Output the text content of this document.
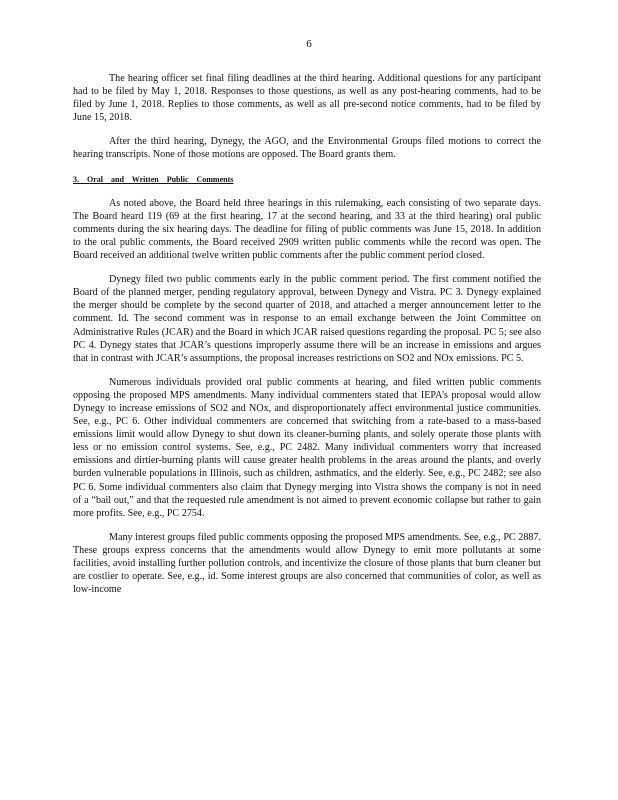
6

The hearing officer set final filing deadlines at the third hearing. Additional questions for any participant had to be filed by May 1, 2018. Responses to those questions, as well as any post-hearing comments, had to be filed by June 1, 2018. Replies to those comments, as well as all pre-second notice comments, had to be filed by June 15, 2018.

After the third hearing, Dynegy, the AGO, and the Environmental Groups filed motions to correct the hearing transcripts. None of those motions are opposed. The Board grants them.

3. Oral and Written Public Comments

As noted above, the Board held three hearings in this rulemaking, each consisting of two separate days. The Board heard 119 (69 at the first hearing, 17 at the second hearing, and 33 at the third hearing) oral public comments during the six hearing days. The deadline for filing of public comments was June 15, 2018. In addition to the oral public comments, the Board received 2909 written public comments while the record was open. The Board received an additional twelve written public comments after the public comment period closed.

Dynegy filed two public comments early in the public comment period. The first comment notified the Board of the planned merger, pending regulatory approval, between Dynegy and Vistra. PC 3. Dynegy explained the merger should be complete by the second quarter of 2018, and attached a merger announcement letter to the comment. Id. The second comment was in response to an email exchange between the Joint Committee on Administrative Rules (JCAR) and the Board in which JCAR raised questions regarding the proposal. PC 5; see also PC 4. Dynegy states that JCAR’s questions improperly assume there will be an increase in emissions and argues that in contrast with JCAR’s assumptions, the proposal increases restrictions on SO2 and NOx emissions. PC 5.

Numerous individuals provided oral public comments at hearing, and filed written public comments opposing the proposed MPS amendments. Many individual commenters stated that IEPA’s proposal would allow Dynegy to increase emissions of SO2 and NOx, and disproportionately affect environmental justice communities. See, e.g., PC 6. Other individual commenters are concerned that switching from a rate-based to a mass-based emissions limit would allow Dynegy to shut down its cleaner-burning plants, and solely operate those plants with less or no emission control systems. See, e.g., PC 2482. Many individual commenters worry that increased emissions and dirtier-burning plants will cause greater health problems in the areas around the plants, and overly burden vulnerable populations in Illinois, such as children, asthmatics, and the elderly. See, e.g., PC 2482; see also PC 6. Some individual commenters also claim that Dynegy merging into Vistra shows the company is not in need of a “bail out,” and that the requested rule amendment is not aimed to prevent economic collapse but rather to gain more profits. See, e.g., PC 2754.

Many interest groups filed public comments opposing the proposed MPS amendments. See, e.g., PC 2887. These groups express concerns that the amendments would allow Dynegy to emit more pollutants at some facilities, avoid installing further pollution controls, and incentivize the closure of those plants that burn cleaner but are costlier to operate. See, e.g., id. Some interest groups are also concerned that communities of color, as well as low-income
